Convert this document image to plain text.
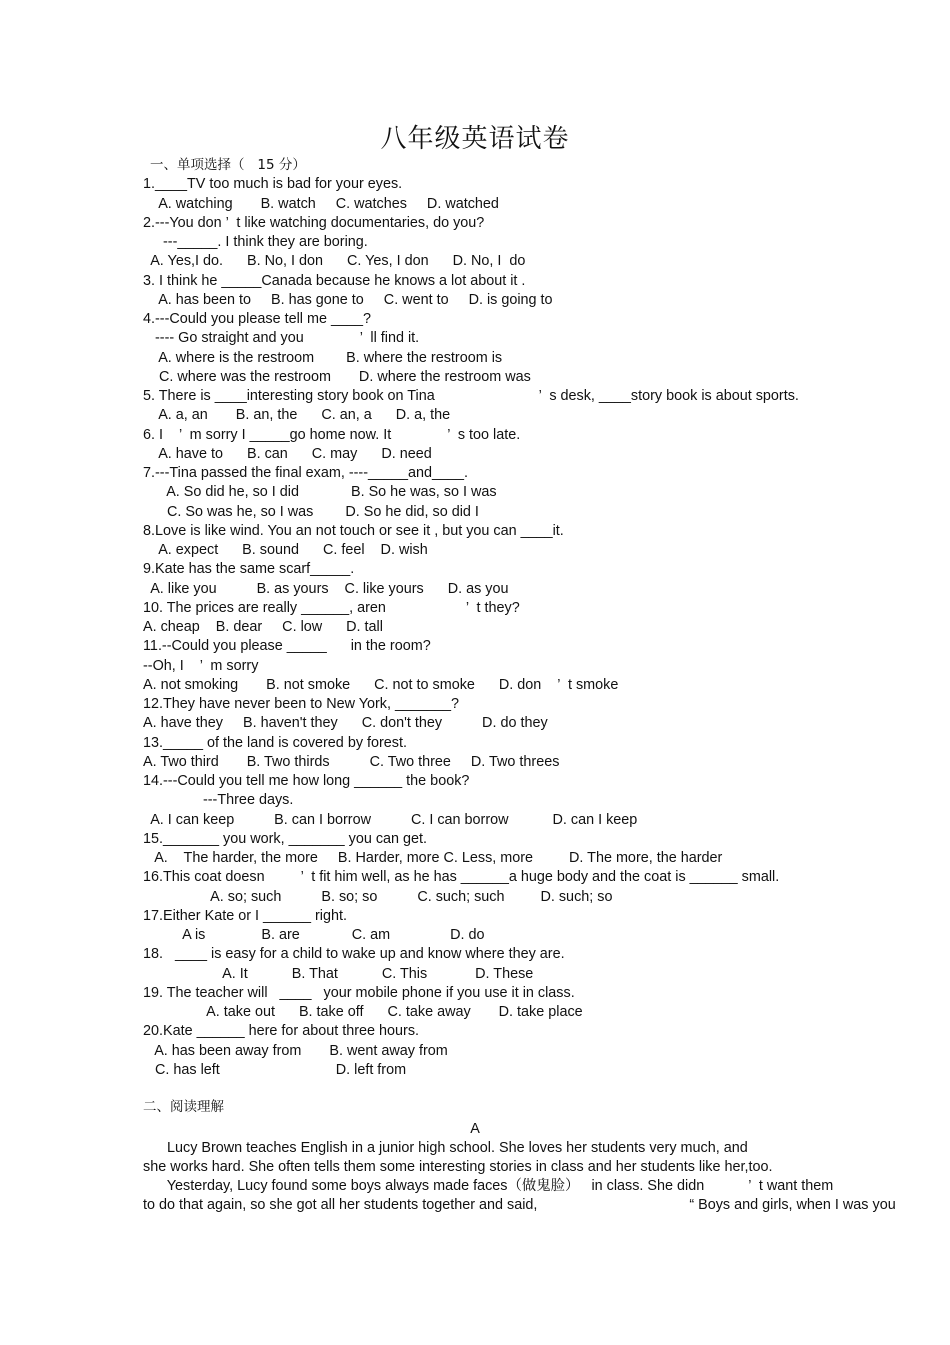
八年级英语试卷
一、单项选择（   15 分）
1.____TV too much is bad for your eyes.
A. watching       B. watch     C. watches     D. watched
2.---You don ’  t like watching documentaries, do you?
---_____. I think they are boring.
A. Yes,I do.      B. No, I don      C. Yes, I don      D. No, I  do
3. I think he _____Canada because he knows a lot about it .
A. has been to     B. has gone to     C. went to     D. is going to
4.---Could you please tell me ____?
---- Go straight and you              ’  ll find it.
A. where is the restroom        B. where the restroom is
C. where was the restroom       D. where the restroom was
5. There is ____interesting story book on Tina                          ’  s desk, ____story book is about sports.
A. a, an       B. an, the      C. an, a      D. a, the
6. I    ’  m sorry I _____go home now. It              ’  s too late.
A. have to      B. can      C. may      D. need
7.---Tina passed the final exam, ----_____and____.
A. So did he, so I did             B. So he was, so I was
C. So was he, so I was        D. So he did, so did I
8.Love is like wind. You an not touch or see it , but you can ____it.
A. expect      B. sound      C. feel    D. wish
9.Kate has the same scarf_____.
A. like you          B. as yours    C. like yours      D. as you
10. The prices are really ______, aren                    ’  t they?
A. cheap    B. dear     C. low      D. tall
11.--Could you please _____      in the room?
--Oh, I    ’  m sorry
A. not smoking       B. not smoke      C. not to smoke      D. don    ’  t smoke
12.They have never been to New York, _______?
A. have they     B. haven't they      C. don't they          D. do they
13._____ of the land is covered by forest.
A. Two third       B. Two thirds          C. Two three     D. Two threes
14.---Could you tell me how long ______ the book?
---Three days.
A. I can keep          B. can I borrow          C. I can borrow           D. can I keep
15._______ you work, _______ you can get.
A.    The harder, the more     B. Harder, more C. Less, more         D. The more, the harder
16.This coat doesn         ’  t fit him well, as he has ______a huge body and the coat is ______ small.
A. so; such          B. so; so          C. such; such         D. such; so
17.Either Kate or I ______ right.
A is              B. are             C. am               D. do
18.   ____ is easy for a child to wake up and know where they are.
A. It           B. That           C. This            D. These
19. The teacher will   ____   your mobile phone if you use it in class.
A. take out      B. take off      C. take away       D. take place
20.Kate ______ here for about three hours.
A. has been away from       B. went away from
C. has left                             D. left from
二、阅读理解
A
Lucy Brown teaches English in a junior high school. She loves her students very much, and
she works hard. She often tells them some interesting stories in class and her students like her,too.
Yesterday, Lucy found some boys always made faces（做鬼脸）   in class. She didn           ’  t want them
to do that again, so she got all her students together and said,                                      “ Boys and girls, when I was you
